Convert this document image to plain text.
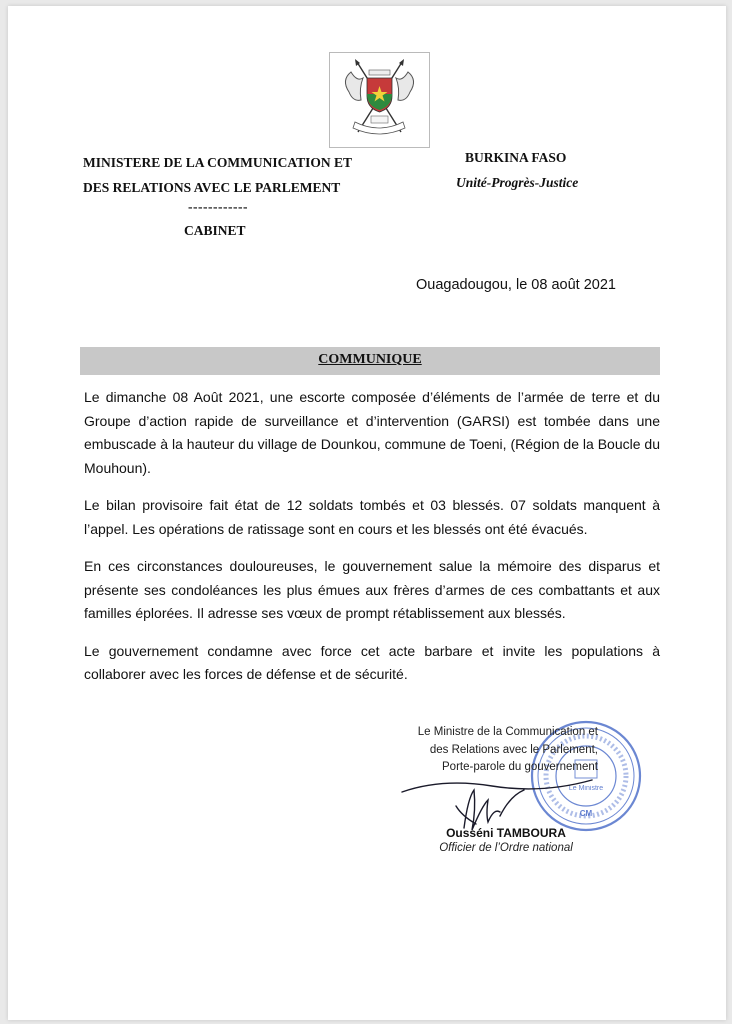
MINISTERE DE LA COMMUNICATION ET
DES RELATIONS AVEC LE PARLEMENT
------------
CABINET
BURKINA FASO
Unité-Progrès-Justice
Ouagadougou, le 08 août 2021
COMMUNIQUE

Le dimanche 08 Août 2021, une escorte composée d’éléments de l’armée de terre et du Groupe d’action rapide de surveillance et d’intervention (GARSI) est tombée dans une embuscade à la hauteur du village de Dounkou, commune de Toeni, (Région de la Boucle du Mouhoun).

Le bilan provisoire fait état de 12 soldats tombés et 03 blessés. 07 soldats manquent à l’appel. Les opérations de ratissage sont en cours et les blessés ont été évacués.

En ces circonstances douloureuses, le gouvernement salue la mémoire des disparus et présente ses condoléances les plus émues aux frères d’armes de ces combattants et aux familles éplorées. Il adresse ses vœux de prompt rétablissement aux blessés.

Le gouvernement condamne avec force cet acte barbare et invite les populations à collaborer avec les forces de défense et de sécurité.

Le Ministre
CM
Le Ministre de la Communication et
des Relations avec le Parlement,
Porte-parole du gouvernement
Ousséni TAMBOURA
Officier de l’Ordre national
